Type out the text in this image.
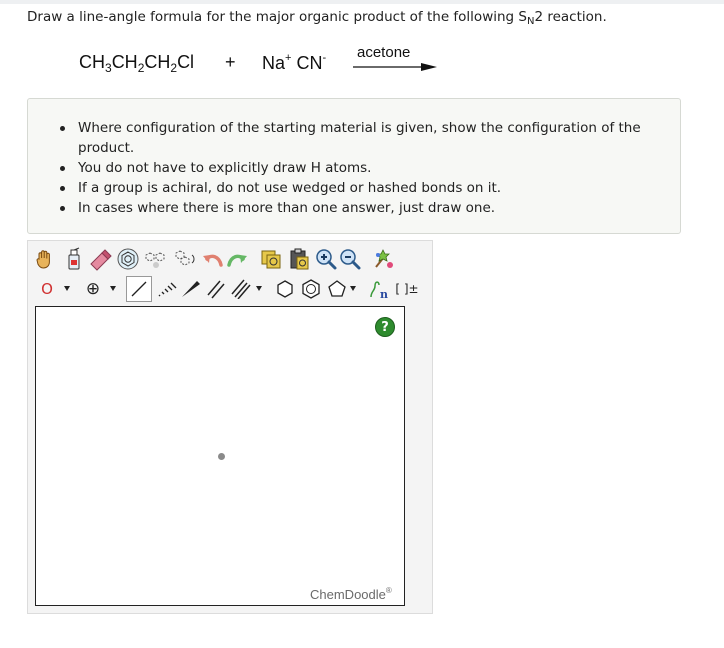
Draw a line-angle formula for the major organic product of the following $S_N2$ reaction.
$CH_3CH_2CH_2Cl + Na^+$ CN- acetone
Where configuration of the starting material is given, show the configuration of the product.
You do not have to explicitly draw H atoms.
If a group is achiral, do not use wedged or hashed bonds on it.
In cases where there is more than one answer, just draw one.
O ⊕	n [ ]±
?
ChemDoodle®
